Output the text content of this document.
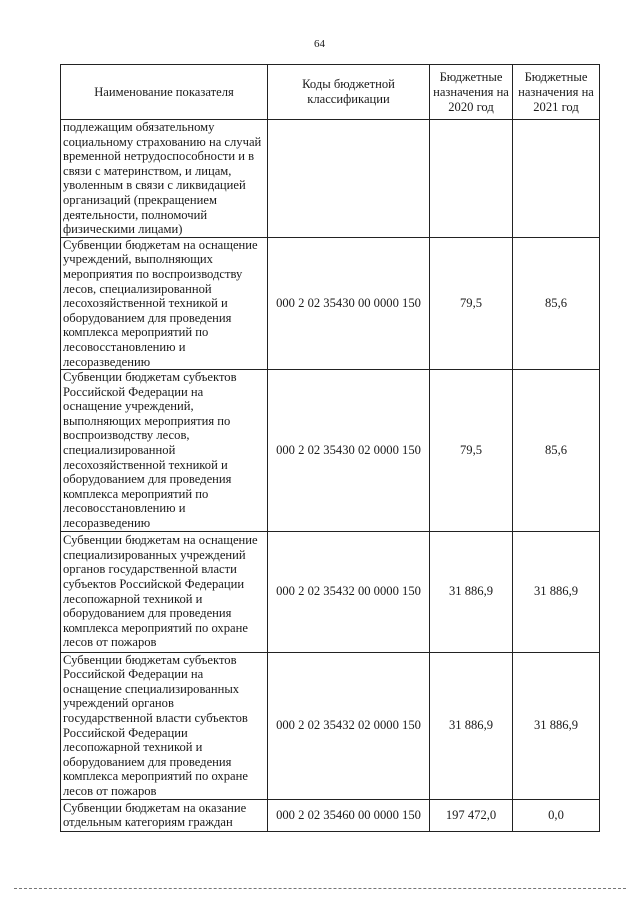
64
Наименование показателя	Коды бюджетной классификации	Бюджетные назначения на 2020 год	Бюджетные назначения на 2021 год
подлежащим обязательному социальному страхованию на случай временной нетрудоспособности и в связи с материнством, и лицам, уволенным в связи с ликвидацией организаций (прекращением деятельности, полномочий физическими лицами)			
Субвенции бюджетам на оснащение учреждений, выполняющих мероприятия по воспроизводству лесов, специализированной лесохозяйственной техникой и оборудованием для проведения комплекса мероприятий по лесовосстановлению и лесоразведению	000 2 02 35430 00 0000 150	79,5	85,6
Субвенции бюджетам субъектов Российской Федерации на оснащение учреждений, выполняющих мероприятия по воспроизводству лесов, специализированной лесохозяйственной техникой и оборудованием для проведения комплекса мероприятий по лесовосстановлению и лесоразведению	000 2 02 35430 02 0000 150	79,5	85,6
Субвенции бюджетам на оснащение специализированных учреждений органов государственной власти субъектов Российской Федерации лесопожарной техникой и оборудованием для проведения комплекса мероприятий по охране лесов от пожаров	000 2 02 35432 00 0000 150	31 886,9	31 886,9
Субвенции бюджетам субъектов Российской Федерации на оснащение специализированных учреждений органов государственной власти субъектов Российской Федерации лесопожарной техникой и оборудованием для проведения комплекса мероприятий по охране лесов от пожаров	000 2 02 35432 02 0000 150	31 886,9	31 886,9
Субвенции бюджетам на оказание отдельным категориям граждан	000 2 02 35460 00 0000 150	197 472,0	0,0
